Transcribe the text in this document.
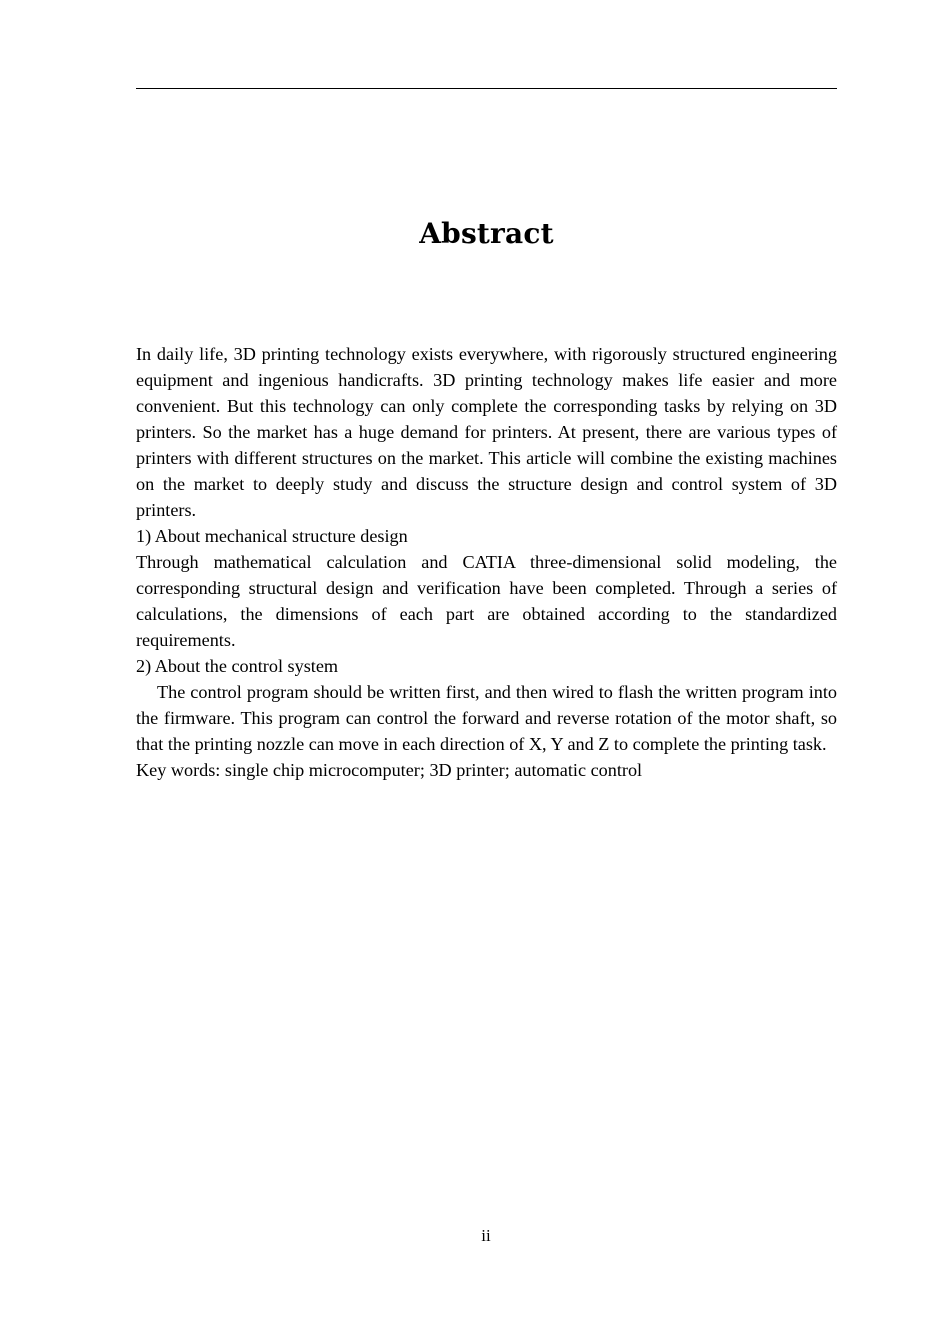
Abstract

In daily life, 3D printing technology exists everywhere, with rigorously structured engineering equipment and ingenious handicrafts. 3D printing technology makes life easier and more convenient. But this technology can only complete the corresponding tasks by relying on 3D printers. So the market has a huge demand for printers. At present, there are various types of printers with different structures on the market. This article will combine the existing machines on the market to deeply study and discuss the structure design and control system of 3D printers.

1) About mechanical structure design

Through mathematical calculation and CATIA three-dimensional solid modeling, the corresponding structural design and verification have been completed. Through a series of calculations, the dimensions of each part are obtained according to the standardized requirements.

2) About the control system

The control program should be written first, and then wired to flash the written program into the firmware. This program can control the forward and reverse rotation of the motor shaft, so that the printing nozzle can move in each direction of X, Y and Z to complete the printing task.

Key words: single chip microcomputer; 3D printer; automatic control

ii
